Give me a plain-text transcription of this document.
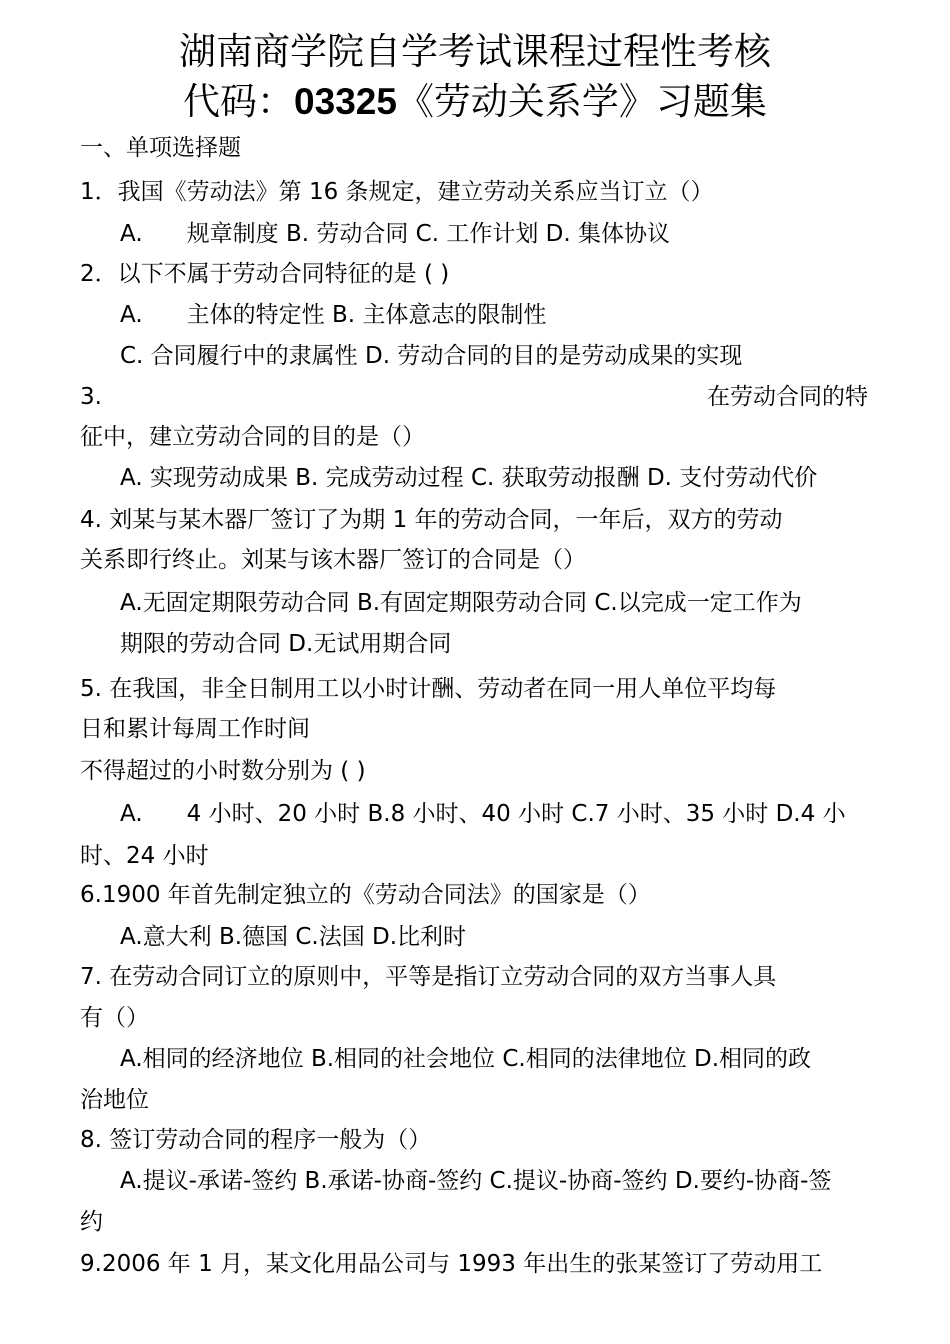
湖南商学院自学考试课程过程性考核
代码：03325《劳动关系学》习题集
一、单项选择题
1．我国《劳动法》第 16 条规定，建立劳动关系应当订立（）
A. 规章制度 B. 劳动合同 C. 工作计划 D. 集体协议
2．以下不属于劳动合同特征的是 ( )
A. 主体的特定性 B. 主体意志的限制性
C. 合同履行中的隶属性 D. 劳动合同的目的是劳动成果的实现
3.	在劳动合同的特
征中，建立劳动合同的目的是（）
A. 实现劳动成果 B. 完成劳动过程 C. 获取劳动报酬 D. 支付劳动代价
4. 刘某与某木器厂签订了为期 1 年的劳动合同，一年后，双方的劳动
关系即行终止。刘某与该木器厂签订的合同是（）
A.无固定期限劳动合同 B.有固定期限劳动合同 C.以完成一定工作为
期限的劳动合同 D.无试用期合同
5. 在我国，非全日制用工以小时计酬、劳动者在同一用人单位平均每
日和累计每周工作时间
不得超过的小时数分别为 ( )
A. 4 小时、20 小时 B.8 小时、40 小时 C.7 小时、35 小时 D.4 小
时、24 小时
6.1900 年首先制定独立的《劳动合同法》的国家是（）
A.意大利 B.德国 C.法国 D.比利时
7. 在劳动合同订立的原则中，平等是指订立劳动合同的双方当事人具
有（）
A.相同的经济地位 B.相同的社会地位 C.相同的法律地位 D.相同的政
治地位
8. 签订劳动合同的程序一般为（）
A.提议-承诺-签约 B.承诺-协商-签约 C.提议-协商-签约 D.要约-协商-签
约
9.2006 年 1 月，某文化用品公司与 1993 年出生的张某签订了劳动用工
